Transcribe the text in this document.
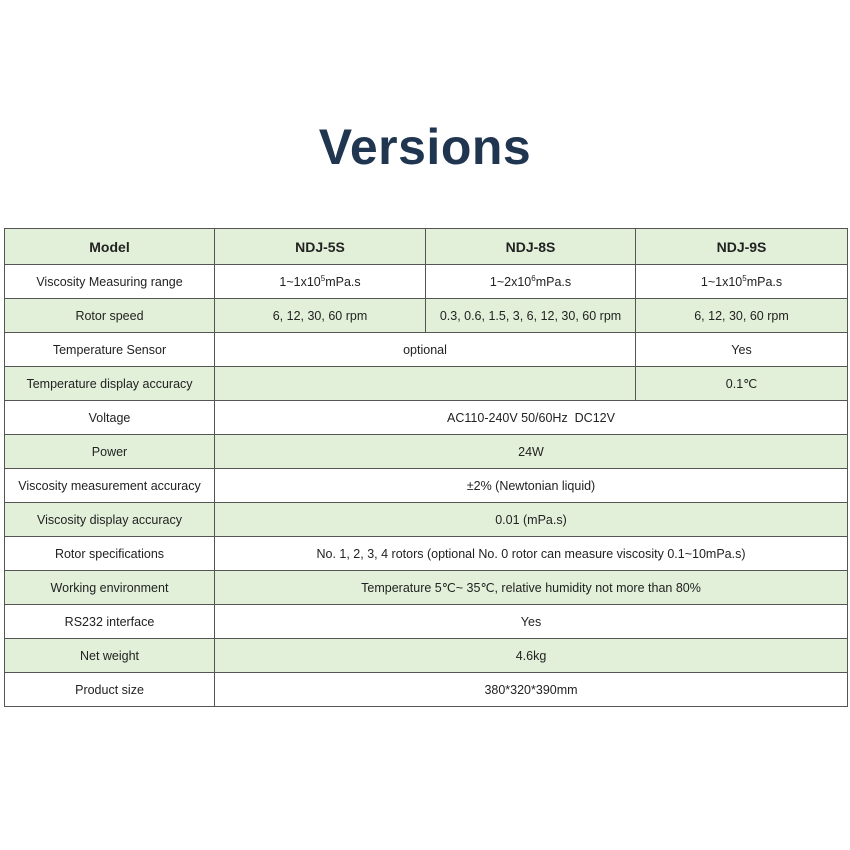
Versions
Model	NDJ-5S	NDJ-8S	NDJ-9S
Viscosity Measuring range	$1\sim 1x10^5mPa.s$	$1\sim 2x10^6mPa.s$	$1\sim 1x10^5mPa.s$
Rotor speed	6, 12, 30, 60 rpm	0.3, 0.6, 1.5, 3, 6, 12, 30, 60 rpm	6, 12, 30, 60 rpm
Temperature Sensor	optional		Yes
Temperature display accuracy			0.1℃
Voltage	AC110-240V 50/60Hz  DC12V		
Power	24W		
Viscosity measurement accuracy	±2% (Newtonian liquid)		
Viscosity display accuracy	0.01 (mPa.s)		
Rotor specifications	No. 1, 2, 3, 4 rotors (optional No. 0 rotor can measure viscosity 0.1~10mPa.s)		
Working environment	Temperature 5℃~ 35℃, relative humidity not more than 80%		
RS232 interface	Yes		
Net weight	4.6kg		
Product size	380*320*390mm		
